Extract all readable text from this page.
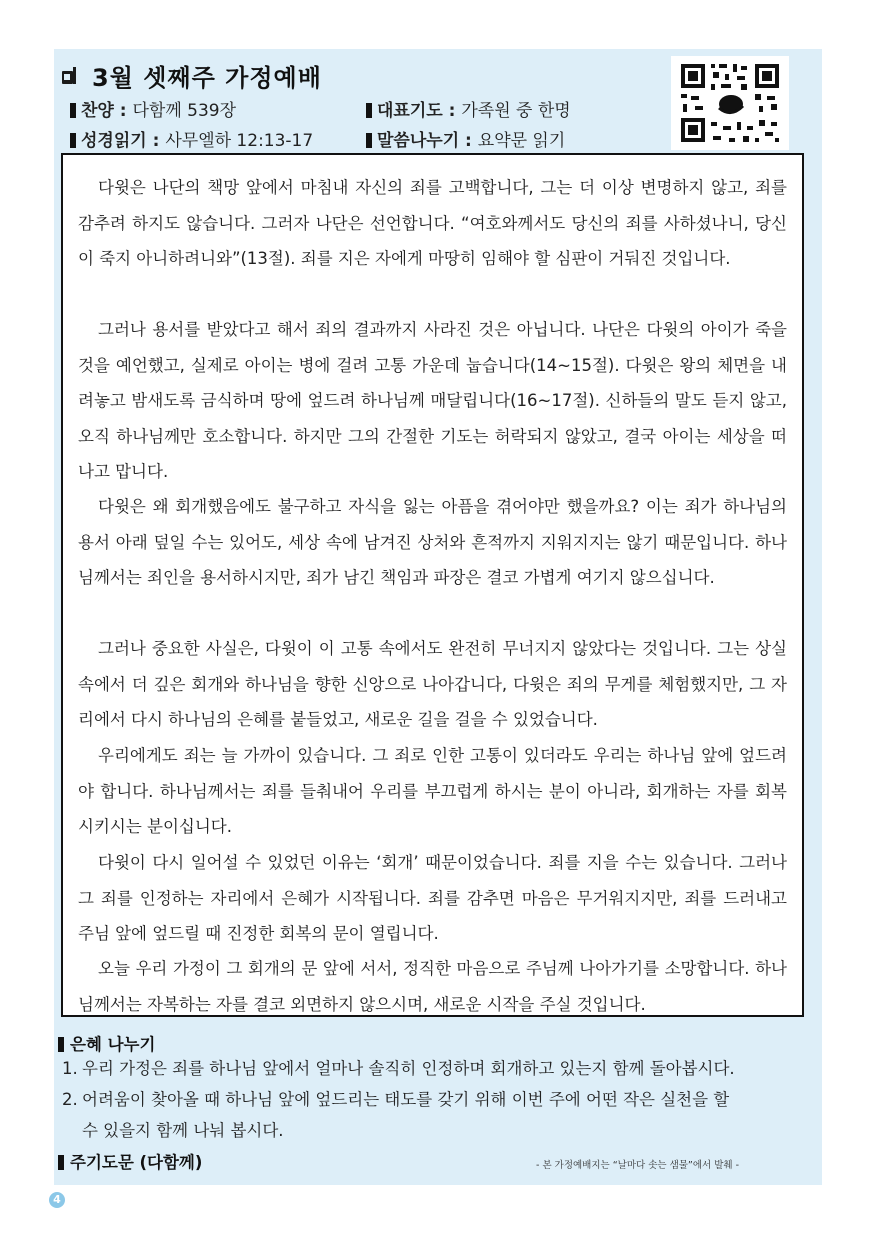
3월 셋째주 가정예배
찬양 : 다함께 539장	대표기도 : 가족원 중 한명
성경읽기 : 사무엘하 12:13-17	말씀나누기 : 요약문 읽기

다윗은 나단의 책망 앞에서 마침내 자신의 죄를 고백합니다, 그는 더 이상 변명하지 않고, 죄를 감추려 하지도 않습니다. 그러자 나단은 선언합니다. “여호와께서도 당신의 죄를 사하셨나니, 당신이 죽지 아니하려니와”(13절). 죄를 지은 자에게 마땅히 임해야 할 심판이 거둬진 것입니다.

그러나 용서를 받았다고 해서 죄의 결과까지 사라진 것은 아닙니다. 나단은 다윗의 아이가 죽을 것을 예언했고, 실제로 아이는 병에 걸려 고통 가운데 눕습니다(14~15절). 다윗은 왕의 체면을 내려놓고 밤새도록 금식하며 땅에 엎드려 하나님께 매달립니다(16~17절). 신하들의 말도 듣지 않고, 오직 하나님께만 호소합니다. 하지만 그의 간절한 기도는 허락되지 않았고, 결국 아이는 세상을 떠나고 맙니다.

다윗은 왜 회개했음에도 불구하고 자식을 잃는 아픔을 겪어야만 했을까요? 이는 죄가 하나님의 용서 아래 덮일 수는 있어도, 세상 속에 남겨진 상처와 흔적까지 지워지지는 않기 때문입니다. 하나님께서는 죄인을 용서하시지만, 죄가 남긴 책임과 파장은 결코 가볍게 여기지 않으십니다.

그러나 중요한 사실은, 다윗이 이 고통 속에서도 완전히 무너지지 않았다는 것입니다. 그는 상실 속에서 더 깊은 회개와 하나님을 향한 신앙으로 나아갑니다, 다윗은 죄의 무게를 체험했지만, 그 자리에서 다시 하나님의 은혜를 붙들었고, 새로운 길을 걸을 수 있었습니다.

우리에게도 죄는 늘 가까이 있습니다. 그 죄로 인한 고통이 있더라도 우리는 하나님 앞에 엎드려야 합니다. 하나님께서는 죄를 들춰내어 우리를 부끄럽게 하시는 분이 아니라, 회개하는 자를 회복시키시는 분이십니다.

다윗이 다시 일어설 수 있었던 이유는 ‘회개’ 때문이었습니다. 죄를 지을 수는 있습니다. 그러나 그 죄를 인정하는 자리에서 은혜가 시작됩니다. 죄를 감추면 마음은 무거워지지만, 죄를 드러내고 주님 앞에 엎드릴 때 진정한 회복의 문이 열립니다.

오늘 우리 가정이 그 회개의 문 앞에 서서, 정직한 마음으로 주님께 나아가기를 소망합니다. 하나님께서는 자복하는 자를 결코 외면하지 않으시며, 새로운 시작을 주실 것입니다.

은혜 나누기
1. 우리 가정은 죄를 하나님 앞에서 얼마나 솔직히 인정하며 회개하고 있는지 함께 돌아봅시다.
2. 어려움이 찾아올 때 하나님 앞에 엎드리는 태도를 갖기 위해 이번 주에 어떤 작은 실천을 할
수 있을지 함께 나눠 봅시다.
주기도문 (다함께)	- 본 가정예배지는 “날마다 솟는 샘물”에서 발췌 -
4
